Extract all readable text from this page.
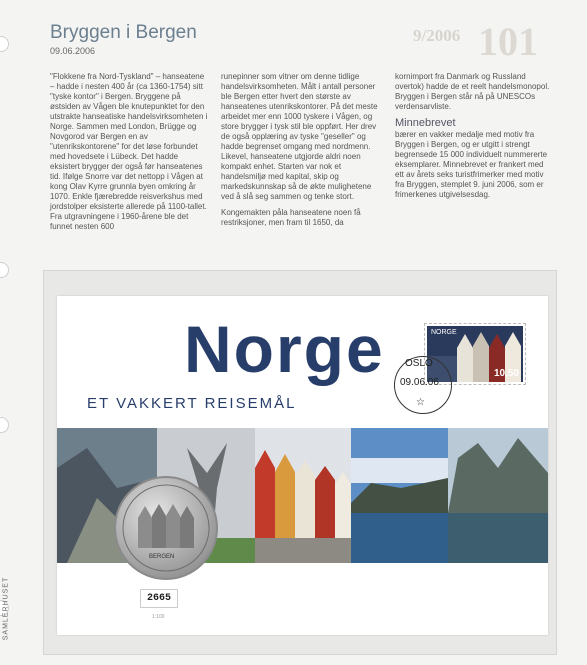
Bryggen i Bergen
09.06.2006
9/2006 101

"Flokkene fra Nord-Tyskland" – hanseatene – hadde i nesten 400 år (ca 1360-1754) sitt "tyske kontor" i Bergen. Bryggene på østsiden av Vågen ble knutepunktet for den utstrakte hanseatiske handelsvirksomheten i Norge. Sammen med London, Brügge og Novgorod var Bergen en av "utenrikskontorene" for det løse forbundet med hovedsete i Lübeck. Det hadde eksistert brygger der også før hanseatenes tid. Ifølge Snorre var det nettopp i Vågen at kong Olav Kyrre grunnla byen omkring år 1070. Enkle fjærebredde reisverkshus med jordstolper eksisterte allerede på 1100-tallet. Fra utgravningene i 1960-årene ble det funnet nesten 600

runepinner som vitner om denne tidlige handelsvirksomheten. Målt i antall personer ble Bergen etter hvert den største av hanseatenes utenrikskontorer. På det meste arbeidet mer enn 1000 tyskere i Vågen, og store brygger i tysk stil ble oppført. Her drev de også opplæring av tyske "geseller" og hadde begrenset omgang med nordmenn. Likevel, hanseatene utgjorde aldri noen kompakt enhet. Starten var nok et handelsmiljø med kapital, skip og markedskunnskap så de økte mulighetene ved å slå seg sammen og tenke stort.

Kongemakten påla hanseatene noen få restriksjoner, men fram til 1650, da

kornimport fra Danmark og Russland overtok) hadde de et reelt handelsmonopol. Bryggen i Bergen står nå på UNESCOs verdensarvliste.

Minnebrevet

bærer en vakker medalje med motiv fra Bryggen i Bergen, og er utgitt i strengt begrensede 15 000 individuelt nummererte eksemplarer. Minnebrevet er frankert med ett av årets seks turistfrimerker med motiv fra Bryggen, stemplet 9. juni 2006, som er frimerkenes utgivelsesdag.

Norge
ET VAKKERT REISEMÅL
NORGE
10,50
OSLO
09.06.06
☆
BERGEN
2665
1:100
SAMLERHUSET
